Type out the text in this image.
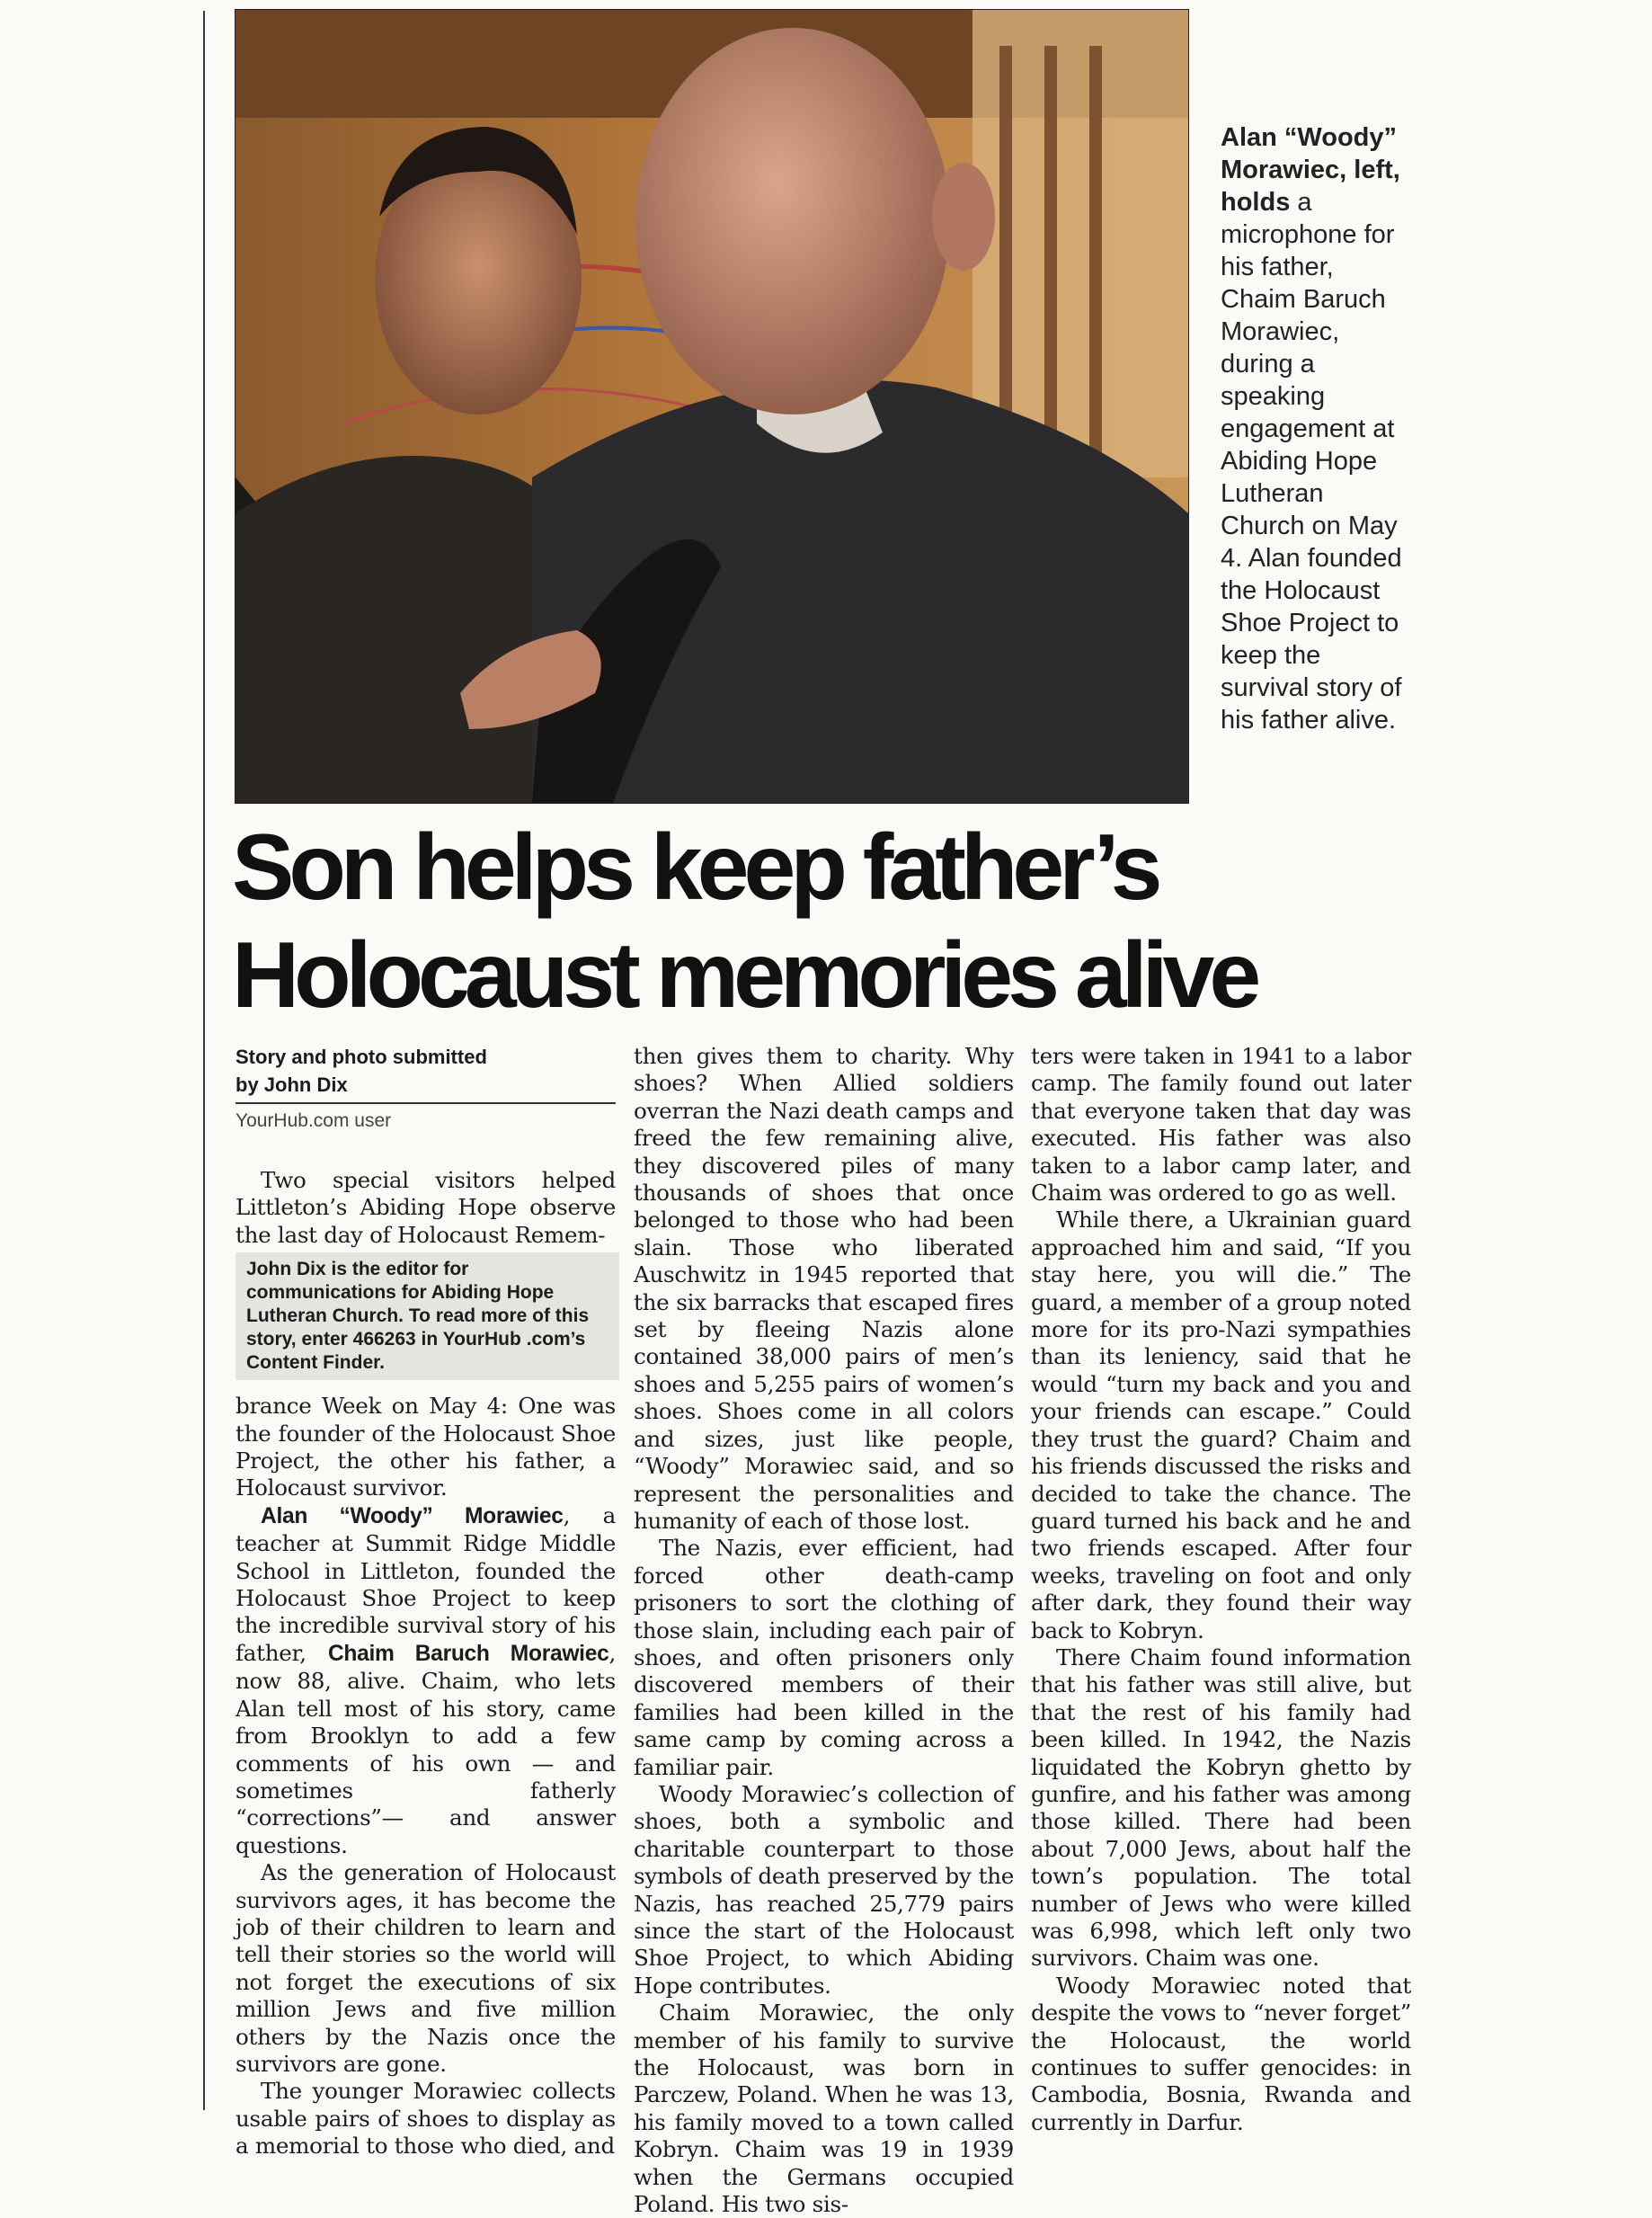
Alan “Woody” Morawiec, left, holds a microphone for his father, Chaim Baruch Morawiec, during a speaking engagement at Abiding Hope Lutheran Church on May 4. Alan founded the Holocaust Shoe Project to keep the survival story of his father alive.
Son helps keep father’s
Holocaust memories alive
Story and photo submitted
by John Dix
YourHub.com user

Two special visitors helped Littleton’s Abiding Hope observe the last day of Holocaust Remem-

John Dix is the editor for communications for Abiding Hope Lutheran Church. To read more of this story, enter 466263 in YourHub .com’s Content Finder.

brance Week on May 4: One was the founder of the Holocaust Shoe Project, the other his father, a Holocaust survivor.

Alan “Woody” Morawiec, a teacher at Summit Ridge Middle School in Littleton, founded the Holocaust Shoe Project to keep the incredible survival story of his father, Chaim Baruch Morawiec, now 88, alive. Chaim, who lets Alan tell most of his story, came from Brooklyn to add a few comments of his own — and sometimes fatherly “corrections”— and answer questions.

As the generation of Holocaust survivors ages, it has become the job of their children to learn and tell their stories so the world will not forget the executions of six million Jews and five million others by the Nazis once the survivors are gone.

The younger Morawiec collects usable pairs of shoes to display as a memorial to those who died, and

then gives them to charity. Why shoes? When Allied soldiers overran the Nazi death camps and freed the few remaining alive, they discovered piles of many thousands of shoes that once belonged to those who had been slain. Those who liberated Auschwitz in 1945 reported that the six barracks that escaped fires set by fleeing Nazis alone contained 38,000 pairs of men’s shoes and 5,255 pairs of women’s shoes. Shoes come in all colors and sizes, just like people, “Woody” Morawiec said, and so represent the personalities and humanity of each of those lost.

The Nazis, ever efficient, had forced other death-camp prisoners to sort the clothing of those slain, including each pair of shoes, and often prisoners only discovered members of their families had been killed in the same camp by coming across a familiar pair.

Woody Morawiec’s collection of shoes, both a symbolic and charitable counterpart to those symbols of death preserved by the Nazis, has reached 25,779 pairs since the start of the Holocaust Shoe Project, to which Abiding Hope contributes.

Chaim Morawiec, the only member of his family to survive the Holocaust, was born in Parczew, Poland. When he was 13, his family moved to a town called Kobryn. Chaim was 19 in 1939 when the Germans occupied Poland. His two sis-

ters were taken in 1941 to a labor camp. The family found out later that everyone taken that day was executed. His father was also taken to a labor camp later, and Chaim was ordered to go as well.

While there, a Ukrainian guard approached him and said, “If you stay here, you will die.” The guard, a member of a group noted more for its pro-Nazi sympathies than its leniency, said that he would “turn my back and you and your friends can escape.” Could they trust the guard? Chaim and his friends discussed the risks and decided to take the chance. The guard turned his back and he and two friends escaped. After four weeks, traveling on foot and only after dark, they found their way back to Kobryn.

There Chaim found information that his father was still alive, but that the rest of his family had been killed. In 1942, the Nazis liquidated the Kobryn ghetto by gunfire, and his father was among those killed. There had been about 7,000 Jews, about half the town’s population. The total number of Jews who were killed was 6,998, which left only two survivors. Chaim was one.

Woody Morawiec noted that despite the vows to “never forget” the Holocaust, the world continues to suffer genocides: in Cambodia, Bosnia, Rwanda and currently in Darfur.
